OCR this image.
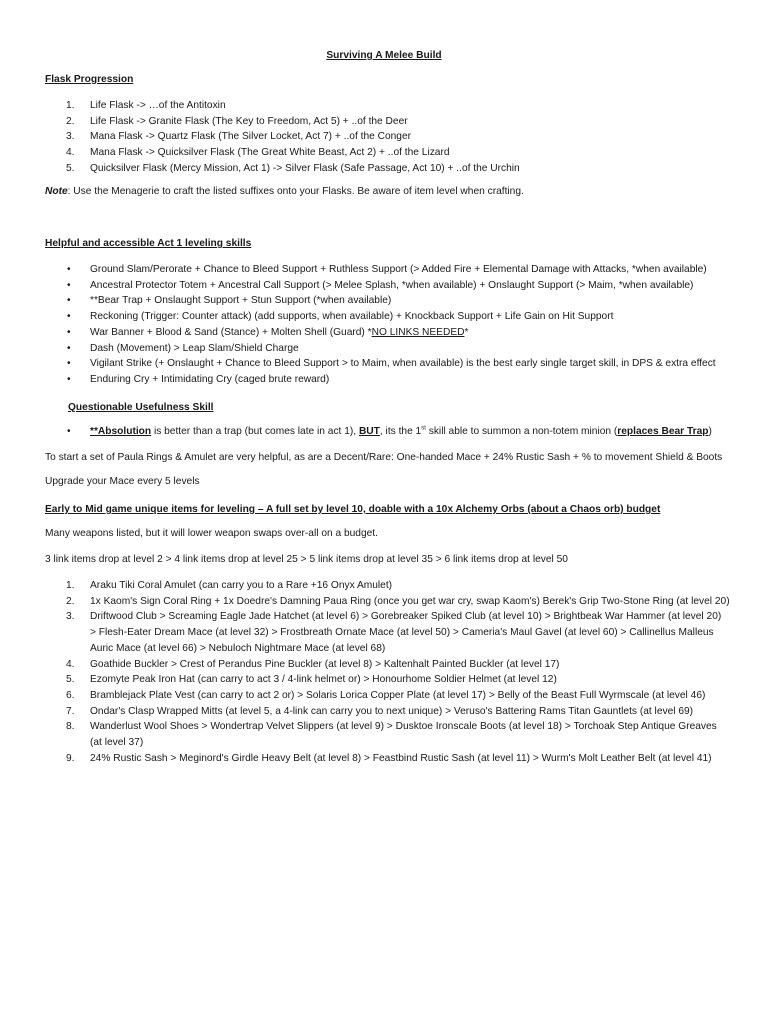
Surviving A Melee Build
Flask Progression
1. Life Flask -> …of the Antitoxin
2. Life Flask -> Granite Flask (The Key to Freedom, Act 5) + ..of the Deer
3. Mana Flask -> Quartz Flask (The Silver Locket, Act 7) + ..of the Conger
4. Mana Flask -> Quicksilver Flask (The Great White Beast, Act 2) + ..of the Lizard
5. Quicksilver Flask (Mercy Mission, Act 1) -> Silver Flask (Safe Passage, Act 10) + ..of the Urchin
Note: Use the Menagerie to craft the listed suffixes onto your Flasks. Be aware of item level when crafting.
Helpful and accessible Act 1 leveling skills
• Ground Slam/Perorate + Chance to Bleed Support + Ruthless Support (> Added Fire + Elemental Damage with Attacks, *when available)
• Ancestral Protector Totem + Ancestral Call Support (> Melee Splash, *when available) + Onslaught Support (> Maim, *when available)
• **Bear Trap + Onslaught Support + Stun Support (*when available)
• Reckoning (Trigger: Counter attack) (add supports, when available) + Knockback Support + Life Gain on Hit Support
• War Banner + Blood & Sand (Stance) + Molten Shell (Guard) *NO LINKS NEEDED*
• Dash (Movement) > Leap Slam/Shield Charge
• Vigilant Strike (+ Onslaught + Chance to Bleed Support > to Maim, when available) is the best early single target skill, in DPS & extra effect
• Enduring Cry + Intimidating Cry (caged brute reward)
Questionable Usefulness Skill
• **Absolution is better than a trap (but comes late in act 1), BUT, its the 1st skill able to summon a non-totem minion (replaces Bear Trap)
To start a set of Paula Rings & Amulet are very helpful, as are a Decent/Rare: One-handed Mace + 24% Rustic Sash + % to movement Shield & Boots
Upgrade your Mace every 5 levels
Early to Mid game unique items for leveling – A full set by level 10, doable with a 10x Alchemy Orbs (about a Chaos orb) budget
Many weapons listed, but it will lower weapon swaps over-all on a budget.
3 link items drop at level 2 > 4 link items drop at level 25 > 5 link items drop at level 35 > 6 link items drop at level 50
1. Araku Tiki Coral Amulet (can carry you to a Rare +16 Onyx Amulet)
2. 1x Kaom's Sign Coral Ring + 1x Doedre's Damning Paua Ring (once you get war cry, swap Kaom's) Berek's Grip Two-Stone Ring (at level 20)
3. Driftwood Club > Screaming Eagle Jade Hatchet (at level 6) > Gorebreaker Spiked Club (at level 10) > Brightbeak War Hammer (at level 20)
> Flesh-Eater Dream Mace (at level 32) > Frostbreath Ornate Mace (at level 50) > Cameria's Maul Gavel (at level 60) > Callinellus Malleus
Auric Mace (at level 66) > Nebuloch Nightmare Mace (at level 68)
4. Goathide Buckler > Crest of Perandus Pine Buckler (at level 8) > Kaltenhalt Painted Buckler (at level 17)
5. Ezomyte Peak Iron Hat (can carry to act 3 / 4-link helmet or) > Honourhome Soldier Helmet (at level 12)
6. Bramblejack Plate Vest (can carry to act 2 or) > Solaris Lorica Copper Plate (at level 17) > Belly of the Beast Full Wyrmscale (at level 46)
7. Ondar's Clasp Wrapped Mitts (at level 5, a 4-link can carry you to next unique) > Veruso's Battering Rams Titan Gauntlets (at level 69)
8. Wanderlust Wool Shoes > Wondertrap Velvet Slippers (at level 9) > Dusktoe Ironscale Boots (at level 18) > Torchoak Step Antique Greaves
(at level 37)
9. 24% Rustic Sash > Meginord's Girdle Heavy Belt (at level 8) > Feastbind Rustic Sash (at level 11) > Wurm's Molt Leather Belt (at level 41)
